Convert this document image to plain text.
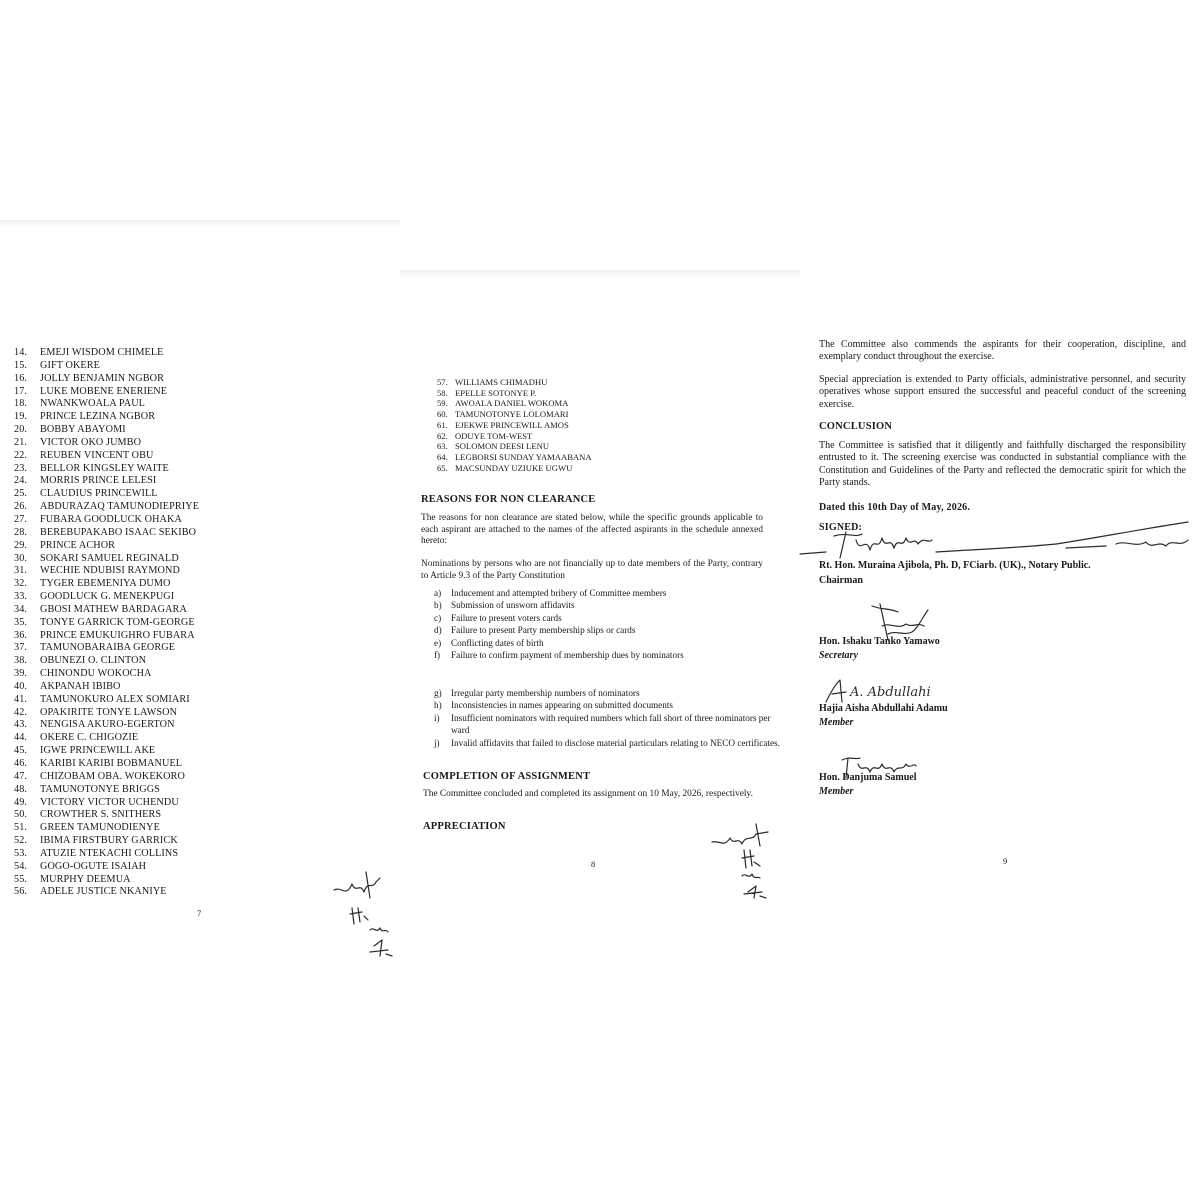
14. EMEJI WISDOM CHIMELE
15. GIFT OKERE
16. JOLLY BENJAMIN NGBOR
17. LUKE MOBENE ENERIENE
18. NWANKWOALA PAUL
19. PRINCE LEZINA NGBOR
20. BOBBY ABAYOMI
21. VICTOR OKO JUMBO
22. REUBEN VINCENT OBU
23. BELLOR KINGSLEY WAITE
24. MORRIS PRINCE LELESI
25. CLAUDIUS PRINCEWILL
26. ABDURAZAQ TAMUNODIEPRIYE
27. FUBARA GOODLUCK OHAKA
28. BEREBUPAKABO ISAAC SEKIBO
29. PRINCE ACHOR
30. SOKARI SAMUEL REGINALD
31. WECHIE NDUBISI RAYMOND
32. TYGER EBEMENIYA DUMO
33. GOODLUCK G. MENEKPUGI
34. GBOSI MATHEW BARDAGARA
35. TONYE GARRICK TOM-GEORGE
36. PRINCE EMUKUIGHRO FUBARA
37. TAMUNOBARAIBA GEORGE
38. OBUNEZI O. CLINTON
39. CHINONDU WOKOCHA
40. AKPANAH IBIBO
41. TAMUNOKURO ALEX SOMIARI
42. OPAKIRITE TONYE LAWSON
43. NENGISA AKURO-EGERTON
44. OKERE C. CHIGOZIE
45. IGWE PRINCEWILL AKE
46. KARIBI KARIBI BOBMANUEL
47. CHIZOBAM OBA. WOKEKORO
48. TAMUNOTONYE BRIGGS
49. VICTORY VICTOR UCHENDU
50. CROWTHER S. SNITHERS
51. GREEN TAMUNODIENYE
52. IBIMA FIRSTBURY GARRICK
53. ATUZIE NTEKACHI COLLINS
54. GOGO-OGUTE ISAIAH
55. MURPHY DEEMUA
56. ADELE JUSTICE NKANIYE
7
57. WILLIAMS CHIMADHU
58. EPELLE SOTONYE P.
59. AWOALA DANIEL WOKOMA
60. TAMUNOTONYE LOLOMARI
61. EJEKWE PRINCEWILL AMOS
62. ODUYE TOM-WEST
63. SOLOMON DEESI LENU
64. LEGBORSI SUNDAY YAMAABANA
65. MACSUNDAY UZIUKE UGWU
REASONS FOR NON CLEARANCE
The reasons for non clearance are stated below, while the specific grounds applicable to each aspirant are attached to the names of the affected aspirants in the schedule annexed hereto:
Nominations by persons who are not financially up to date members of the Party, contrary to Article 9.3 of the Party Constitution
a) Inducement and attempted bribery of Committee members
b) Submission of unsworn affidavits
c) Failure to present voters cards
d) Failure to present Party membership slips or cards
e) Conflicting dates of birth
f) Failure to confirm payment of membership dues by nominators
g) Irregular party membership numbers of nominators
h) Inconsistencies in names appearing on submitted documents
i) Insufficient nominators with required numbers which fall short of three nominators per ward
j) Invalid affidavits that failed to disclose material particulars relating to NECO certificates.
COMPLETION OF ASSIGNMENT
The Committee concluded and completed its assignment on 10 May, 2026, respectively.
APPRECIATION
8
The Committee also commends the aspirants for their cooperation, discipline, and exemplary conduct throughout the exercise.
Special appreciation is extended to Party officials, administrative personnel, and security operatives whose support ensured the successful and peaceful conduct of the screening exercise.
CONCLUSION
The Committee is satisfied that it diligently and faithfully discharged the responsibility entrusted to it. The screening exercise was conducted in substantial compliance with the Constitution and Guidelines of the Party and reflected the democratic spirit for which the Party stands.
Dated this 10th Day of May, 2026.
SIGNED:
Rt. Hon. Muraina Ajibola, Ph. D, FCiarb. (UK)., Notary Public.
Chairman
Hon. Ishaku Tanko Yamawo
Secretary
A. Abdullahi
Hajia Aisha Abdullahi Adamu
Member
Hon. Danjuma Samuel
Member
9
